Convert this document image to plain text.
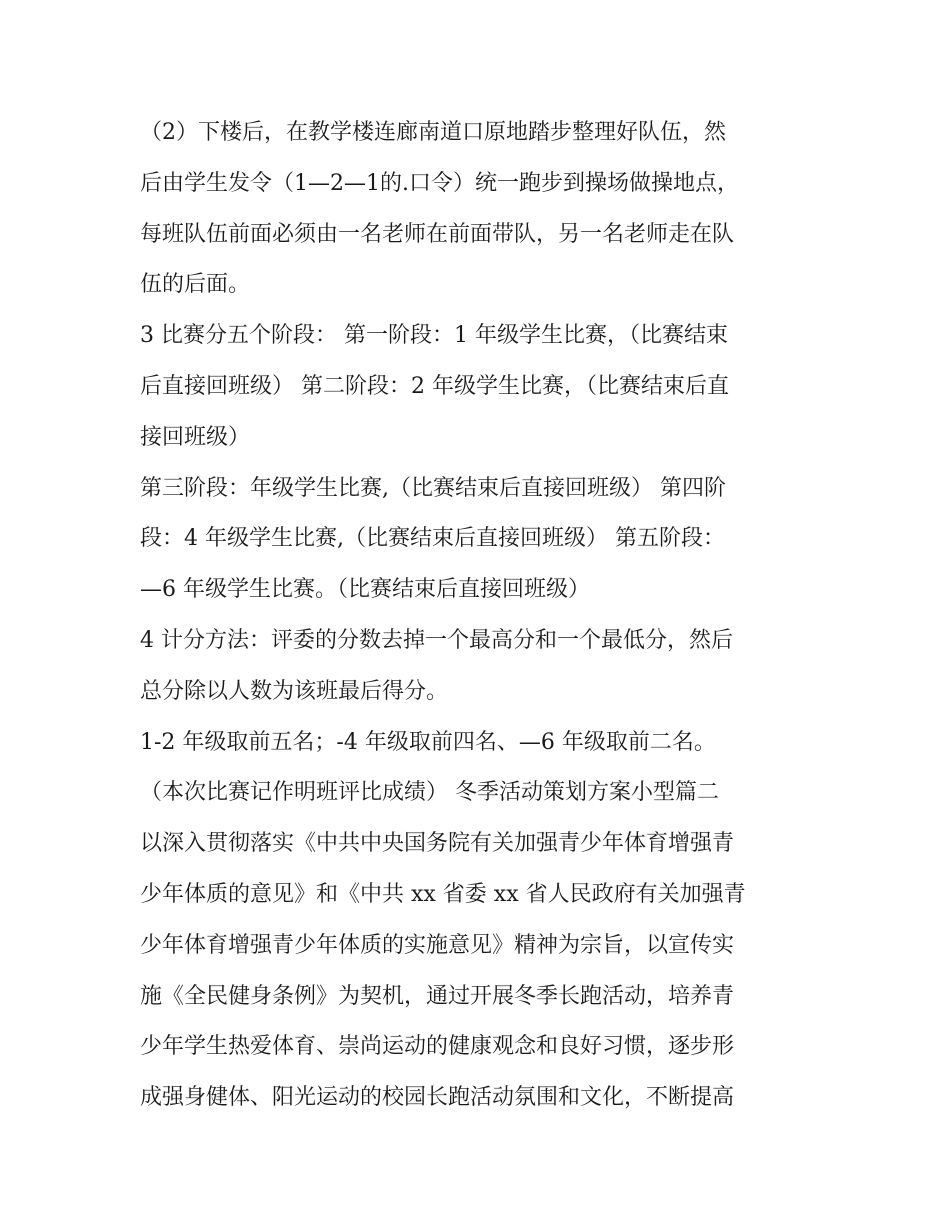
（2）下楼后，在教学楼连廊南道口原地踏步整理好队伍，然
后由学生发令（1—2—1的.口令）统一跑步到操场做操地点，
每班队伍前面必须由一名老师在前面带队，另一名老师走在队
伍的后面。
3 比赛分五个阶段： 第一阶段：1 年级学生比赛，（比赛结束
后直接回班级） 第二阶段：2 年级学生比赛，（比赛结束后直
接回班级）
第三阶段：年级学生比赛,（比赛结束后直接回班级） 第四阶
段：4 年级学生比赛,（比赛结束后直接回班级） 第五阶段：
—6 年级学生比赛。（比赛结束后直接回班级）
4 计分方法：评委的分数去掉一个最高分和一个最低分，然后
总分除以人数为该班最后得分。
1-2 年级取前五名；-4 年级取前四名、—6 年级取前二名。
（本次比赛记作明班评比成绩） 冬季活动策划方案小型篇二
以深入贯彻落实《中共中央国务院有关加强青少年体育增强青
少年体质的意见》和《中共 xx 省委 xx 省人民政府有关加强青
少年体育增强青少年体质的实施意见》精神为宗旨，以宣传实
施《全民健身条例》为契机，通过开展冬季长跑活动，培养青
少年学生热爱体育、崇尚运动的健康观念和良好习惯，逐步形
成强身健体、阳光运动的校园长跑活动氛围和文化，不断提高
